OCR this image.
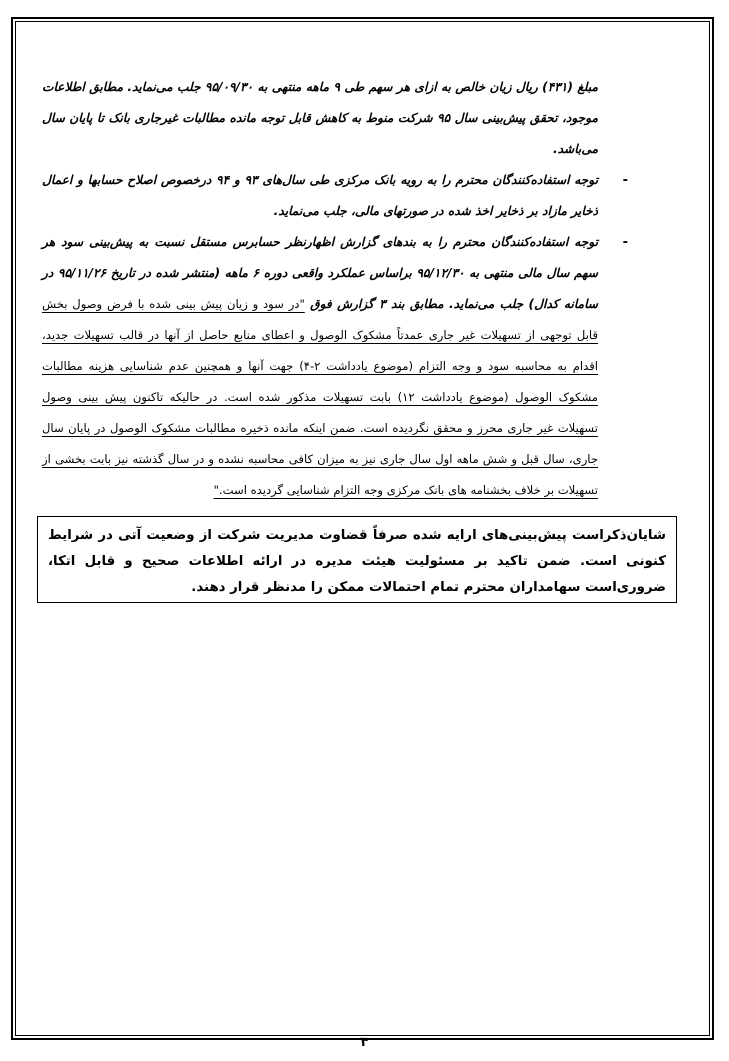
مبلغ (۴۳۱) ریال زیان خالص به ازای هر سهم طی ۹ ماهه منتهی به ۹۵/۰۹/۳۰ جلب می‌نماید. مطابق اطلاعات موجود، تحقق پیش‌بینی سال ۹۵ شرکت منوط به کاهش قابل توجه مانده مطالبات غیرجاری بانک تا پایان سال می‌باشد.

-

توجه استفاده‌کنندگان محترم را به رویه بانک مرکزی طی سال‌های ۹۳ و ۹۴ درخصوص اصلاح حسابها و اعمال ذخایر مازاد بر ذخایر اخذ شده در صورتهای مالی، جلب می‌نماید.

-

توجه استفاده‌کنندگان محترم را به بندهای گزارش اظهارنظر حسابرس مستقل نسبت به پیش‌بینی سود هر سهم سال مالی منتهی به ۹۵/۱۲/۳۰ براساس عملکرد واقعی دوره ۶ ماهه (منتشر شده در تاریخ ۹۵/۱۱/۲۶ در سامانه کدال) جلب می‌نماید. مطابق بند ۳ گزارش فوق "در سود و زیان پیش بینی شده با فرض وصول بخش قابل توجهی از تسهیلات غیر جاری عمدتاً مشکوک الوصول و اعطای منابع حاصل از آنها در قالب تسهیلات جدید، اقدام به محاسبه سود و وجه التزام (موضوع یادداشت ۲-۴) جهت آنها و همچنین عدم شناسایی هزینه مطالبات مشکوک الوصول (موضوع یادداشت ۱۲) بابت تسهیلات مذکور شده است. در حالیکه تاکنون پیش بینی وصول تسهیلات غیر جاری محرز و محقق نگردیده است. ضمن اینکه مانده ذخیره مطالبات مشکوک الوصول در پایان سال جاری، سال قبل و شش ماهه اول سال جاری نیز به میزان کافی محاسبه نشده و در سال گذشته نیز بابت بخشی از تسهیلات بر خلاف بخشنامه های بانک مرکزی وجه التزام شناسایی گردیده است."

شایان‌ذکراست پیش‌بینی‌های ارایه شده صرفاً قضاوت مدیریت شرکت از وضعیت آتی در شرایط کنونی است. ضمن تاکید بر مسئولیت هیئت مدیره در ارائه اطلاعات صحیح و قابل اتکا، ضروری‌است سهامداران محترم تمام احتمالات ممکن را مدنظر قرار دهند.

۳
